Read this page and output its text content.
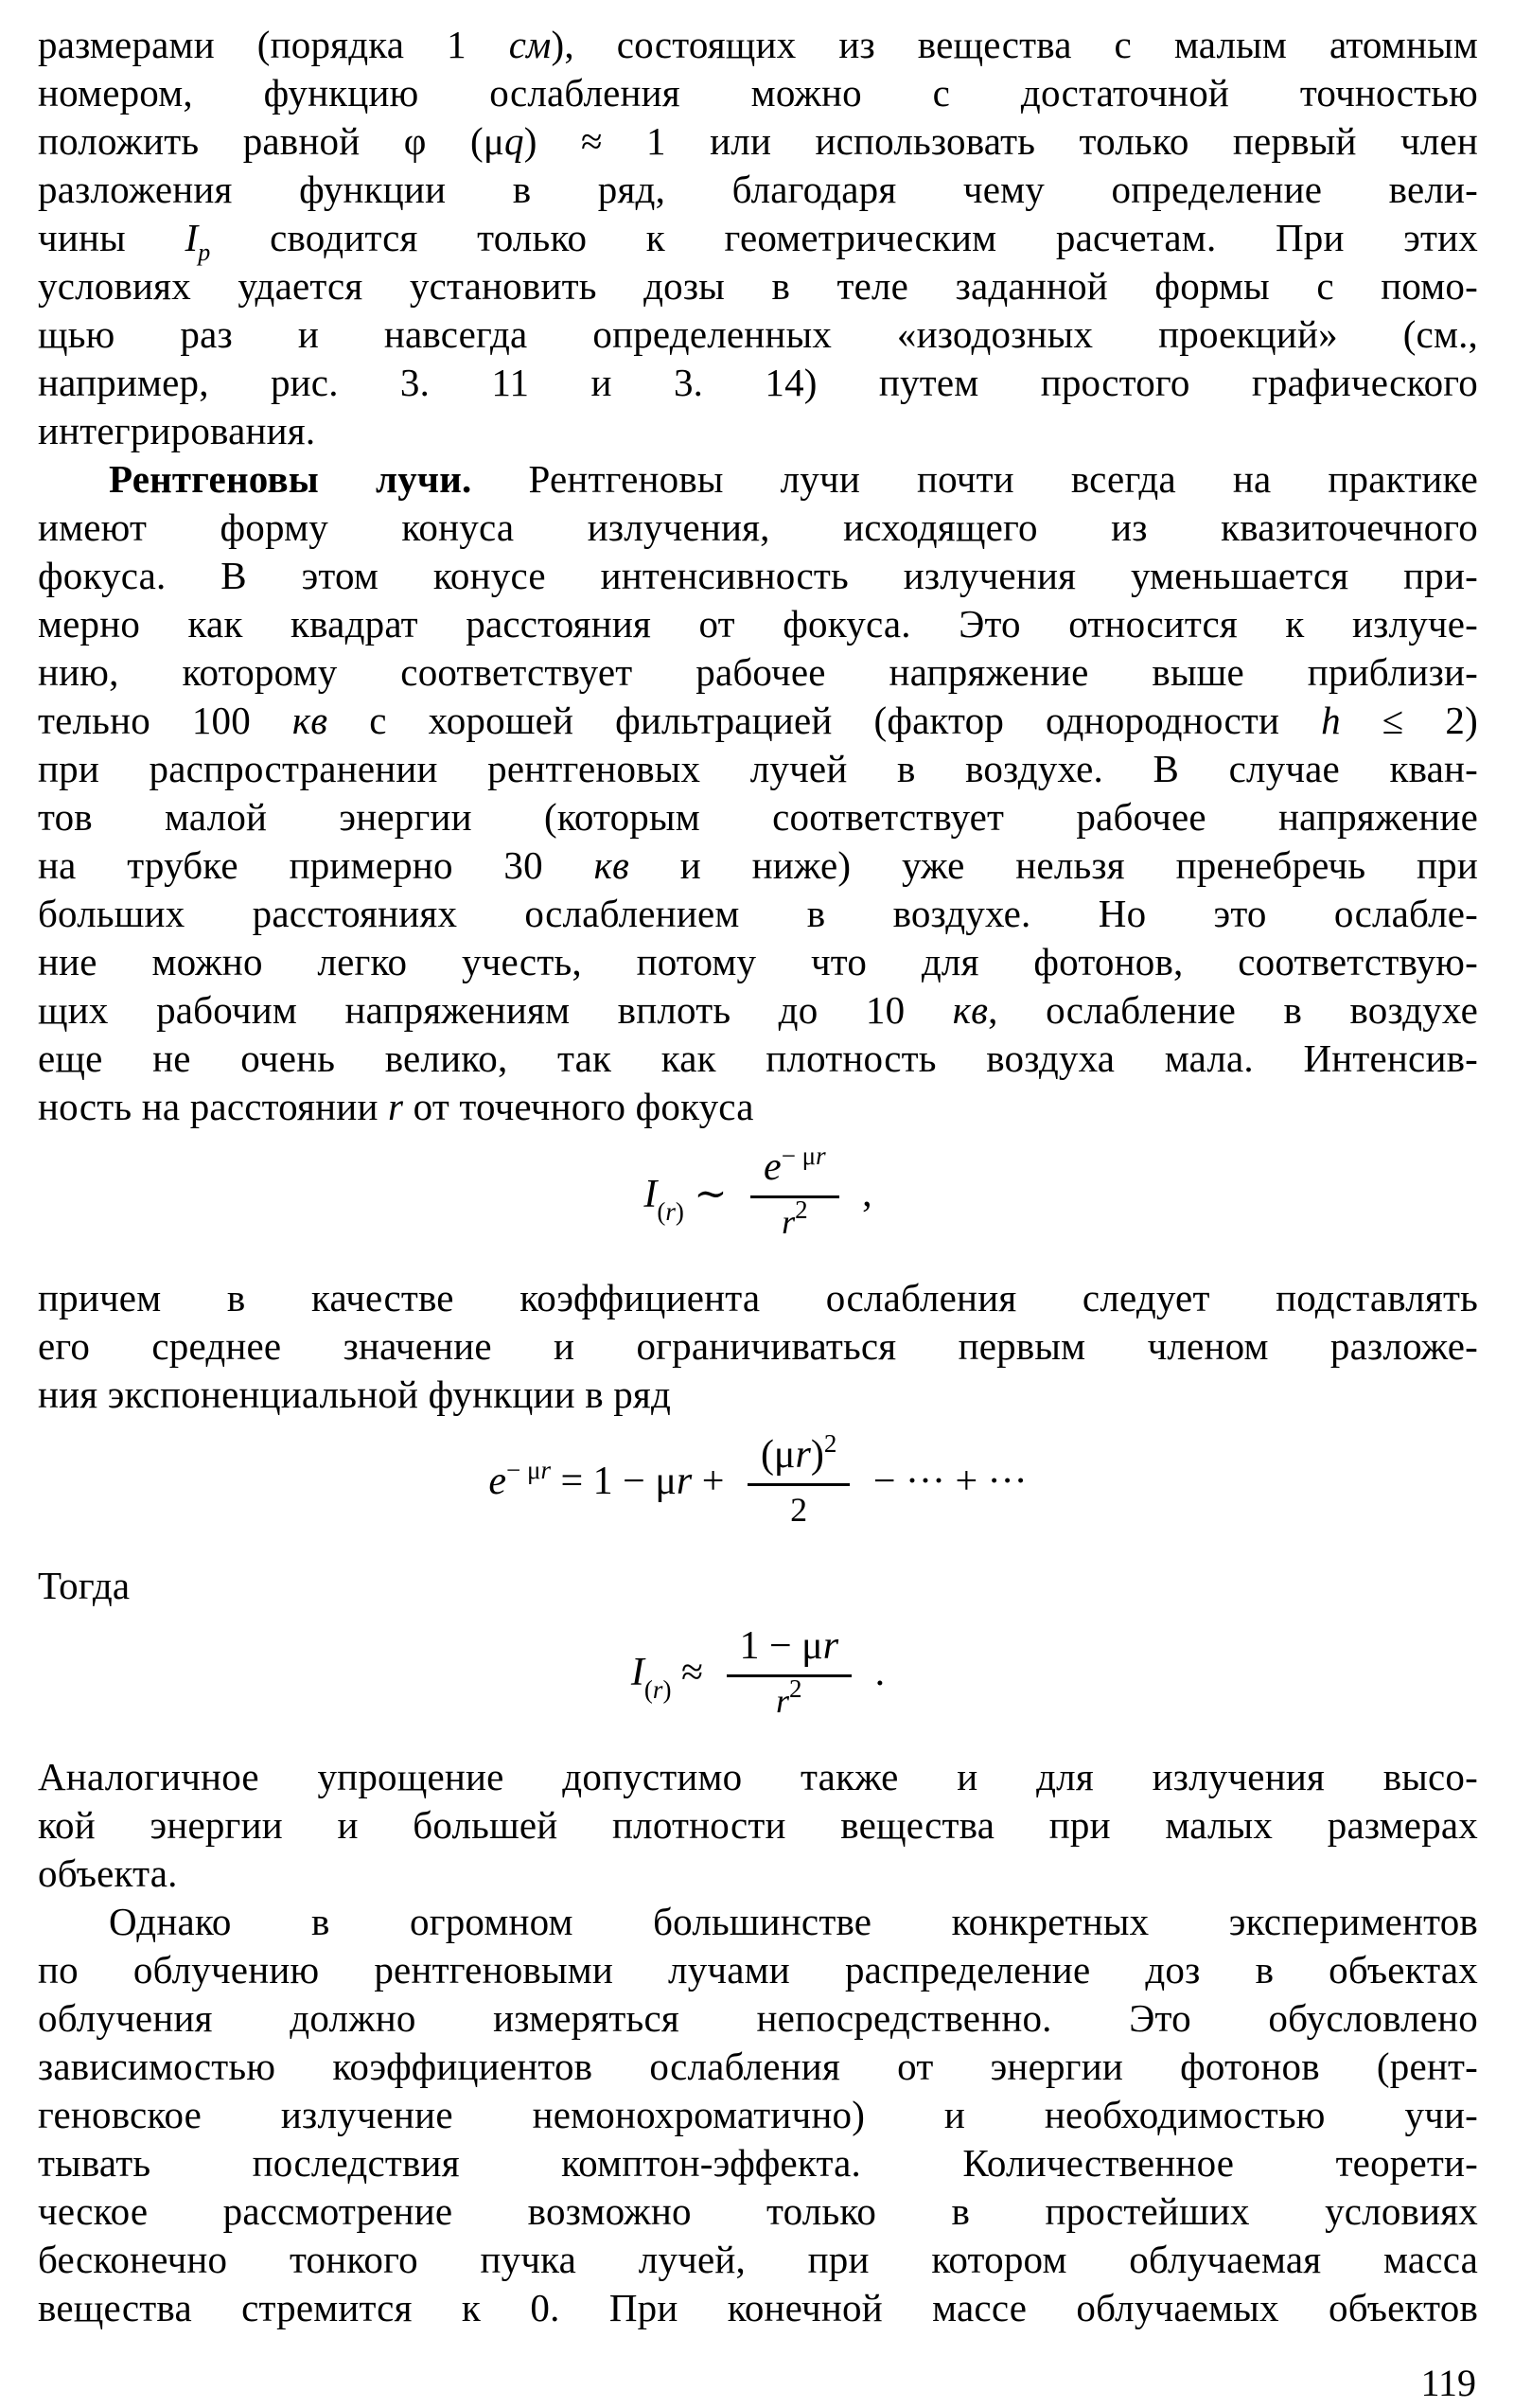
размерами (порядка 1 см), состоящих из вещества с малым атомным
номером, функцию ослабления можно с достаточной точностью
положить равной φ (μq) ≈ 1 или использовать только первый член
разложения функции в ряд, благодаря чему определение вели-
чины $I_p$ сводится только к геометрическим расчетам. При этих
условиях удается установить дозы в теле заданной формы с помо-
щью раз и навсегда определенных «изодозных проекций» (см.,
например, рис. 3. 11 и 3. 14) путем простого графического
интегрирования.
Рентгеновы лучи. Рентгеновы лучи почти всегда на практике
имеют форму конуса излучения, исходящего из квазиточечного
фокуса. В этом конусе интенсивность излучения уменьшается при-
мерно как квадрат расстояния от фокуса. Это относится к излуче-
нию, которому соответствует рабочее напряжение выше приблизи-
тельно 100 кв с хорошей фильтрацией (фактор однородности h ≤ 2)
при распространении рентгеновых лучей в воздухе. В случае кван-
тов малой энергии (которым соответствует рабочее напряжение
на трубке примерно 30 кв и ниже) уже нельзя пренебречь при
больших расстояниях ослаблением в воздухе. Но это ослабле-
ние можно легко учесть, потому что для фотонов, соответствую-
щих рабочим напряжениям вплоть до 10 кв, ослабление в воздухе
еще не очень велико, так как плотность воздуха мала. Интенсив-
ность на расстоянии r от точечного фокуса
$I_{(r)}$ ∼ $\frac{e^{- \mu r}}{r^2}$ ,
причем в качестве коэффициента ослабления следует подставлять
его среднее значение и ограничиваться первым членом разложе-
ния экспоненциальной функции в ряд
$e^{- \mu r} = 1 - \mu r + \frac{(\mu r)^2}{2}$ − ··· + ···
Тогда
$I_{(r)} \approx \frac{1 - \mu r}{r^2}$ .
Аналогичное упрощение допустимо также и для излучения высо-
кой энергии и большей плотности вещества при малых размерах
объекта.
Однако в огромном большинстве конкретных экспериментов
по облучению рентгеновыми лучами распределение доз в объектах
облучения должно измеряться непосредственно. Это обусловлено
зависимостью коэффициентов ослабления от энергии фотонов (рент-
геновское излучение немонохроматично) и необходимостью учи-
тывать последствия комптон-эффекта. Количественное теорети-
ческое рассмотрение возможно только в простейших условиях
бесконечно тонкого пучка лучей, при котором облучаемая масса
вещества стремится к 0. При конечной массе облучаемых объектов
119
